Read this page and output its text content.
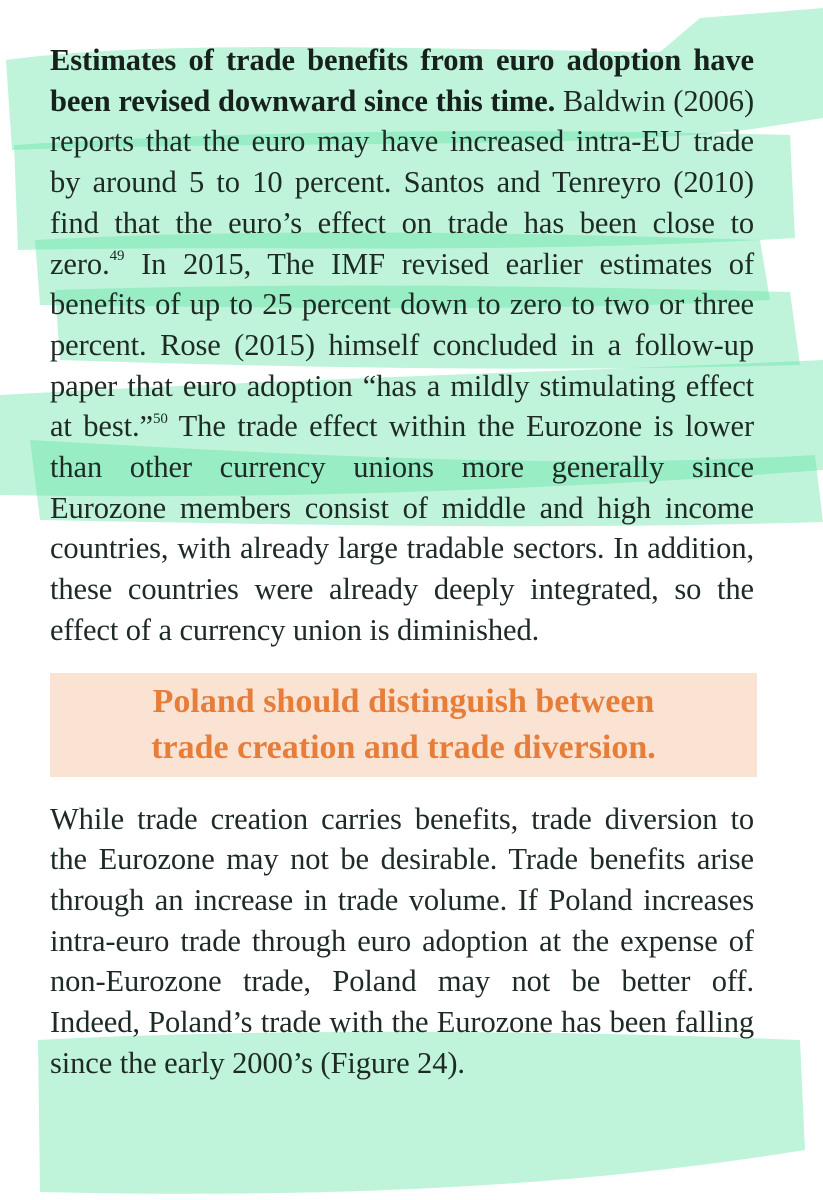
Estimates of trade benefits from euro adoption have been revised downward since this time. Baldwin (2006) reports that the euro may have increased intra-EU trade by around 5 to 10 percent. Santos and Tenreyro (2010) find that the euro’s effect on trade has been close to zero.$^{49}$ In 2015, The IMF revised earlier estimates of benefits of up to 25 percent down to zero to two or three percent. Rose (2015) himself concluded in a follow-up paper that euro adoption “has a mildly stimulating effect at best.”$^{50}$ The trade effect within the Eurozone is lower than other currency unions more generally since Eurozone members consist of middle and high income countries, with already large tradable sectors. In addition, these countries were already deeply integrated, so the effect of a currency union is diminished.

Poland should distinguish between
trade creation and trade diversion.

While trade creation carries benefits, trade diversion to the Eurozone may not be desirable. Trade benefits arise through an increase in trade volume. If Poland increases intra-euro trade through euro adoption at the expense of non-Eurozone trade, Poland may not be better off. Indeed, Poland’s trade with the Eurozone has been falling since the early 2000’s (Figure 24).
